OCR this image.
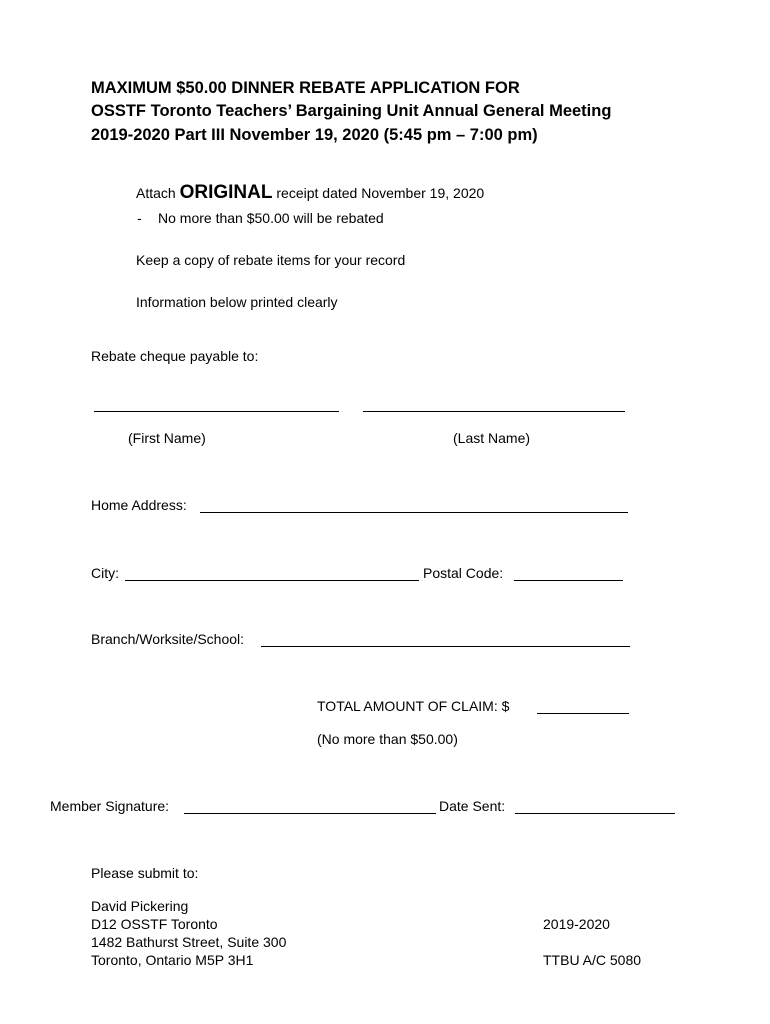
MAXIMUM $50.00 DINNER REBATE APPLICATION FOR
OSSTF Toronto Teachers’ Bargaining Unit Annual General Meeting
2019-2020 Part III November 19, 2020 (5:45 pm – 7:00 pm)
Attach ORIGINAL receipt dated November 19, 2020
- No more than $50.00 will be rebated
Keep a copy of rebate items for your record
Information below printed clearly
Rebate cheque payable to:
(First Name)	(Last Name)
Home Address:
City:	Postal Code:
Branch/Worksite/School:
TOTAL AMOUNT OF CLAIM: $
(No more than $50.00)
Member Signature:	Date Sent:
Please submit to:
David Pickering
D12 OSSTF Toronto
1482 Bathurst Street, Suite 300
Toronto, Ontario M5P 3H1
2019-2020
TTBU A/C 5080
